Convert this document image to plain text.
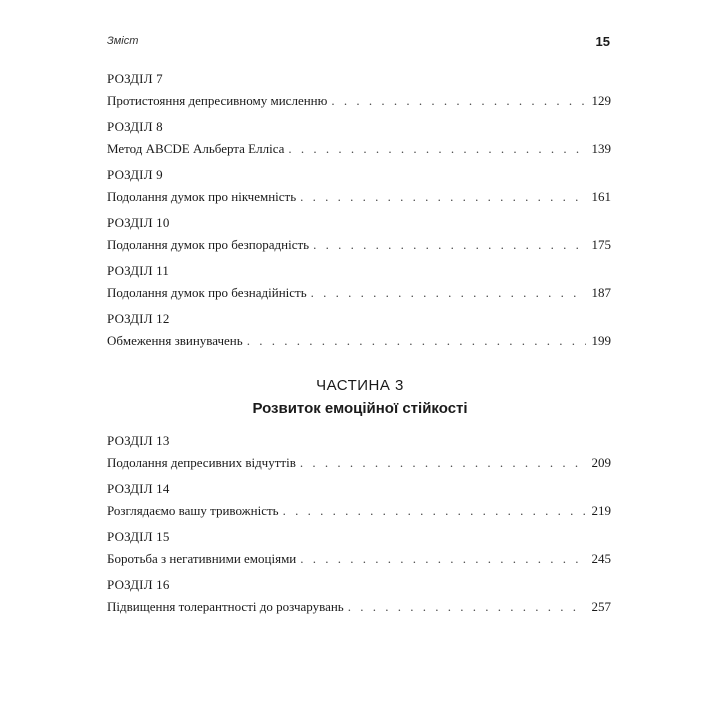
Зміст	15
РОЗДІЛ 7
Протистояння депресивному мисленню . . .	129
РОЗДІЛ 8
Метод ABCDE Альберта Елліса . . .	139
РОЗДІЛ 9
Подолання думок про нікчемність . . .	161
РОЗДІЛ 10
Подолання думок про безпорадність . . .	175
РОЗДІЛ 11
Подолання думок про безнадійність . . .	187
РОЗДІЛ 12
Обмеження звинувачень . . .	199
ЧАСТИНА 3
Розвиток емоційної стійкості
РОЗДІЛ 13
Подолання депресивних відчуттів . . .	209
РОЗДІЛ 14
Розглядаємо вашу тривожність . . .	219
РОЗДІЛ 15
Боротьба з негативними емоціями . . .	245
РОЗДІЛ 16
Підвищення толерантності до розчарувань . . .	257
